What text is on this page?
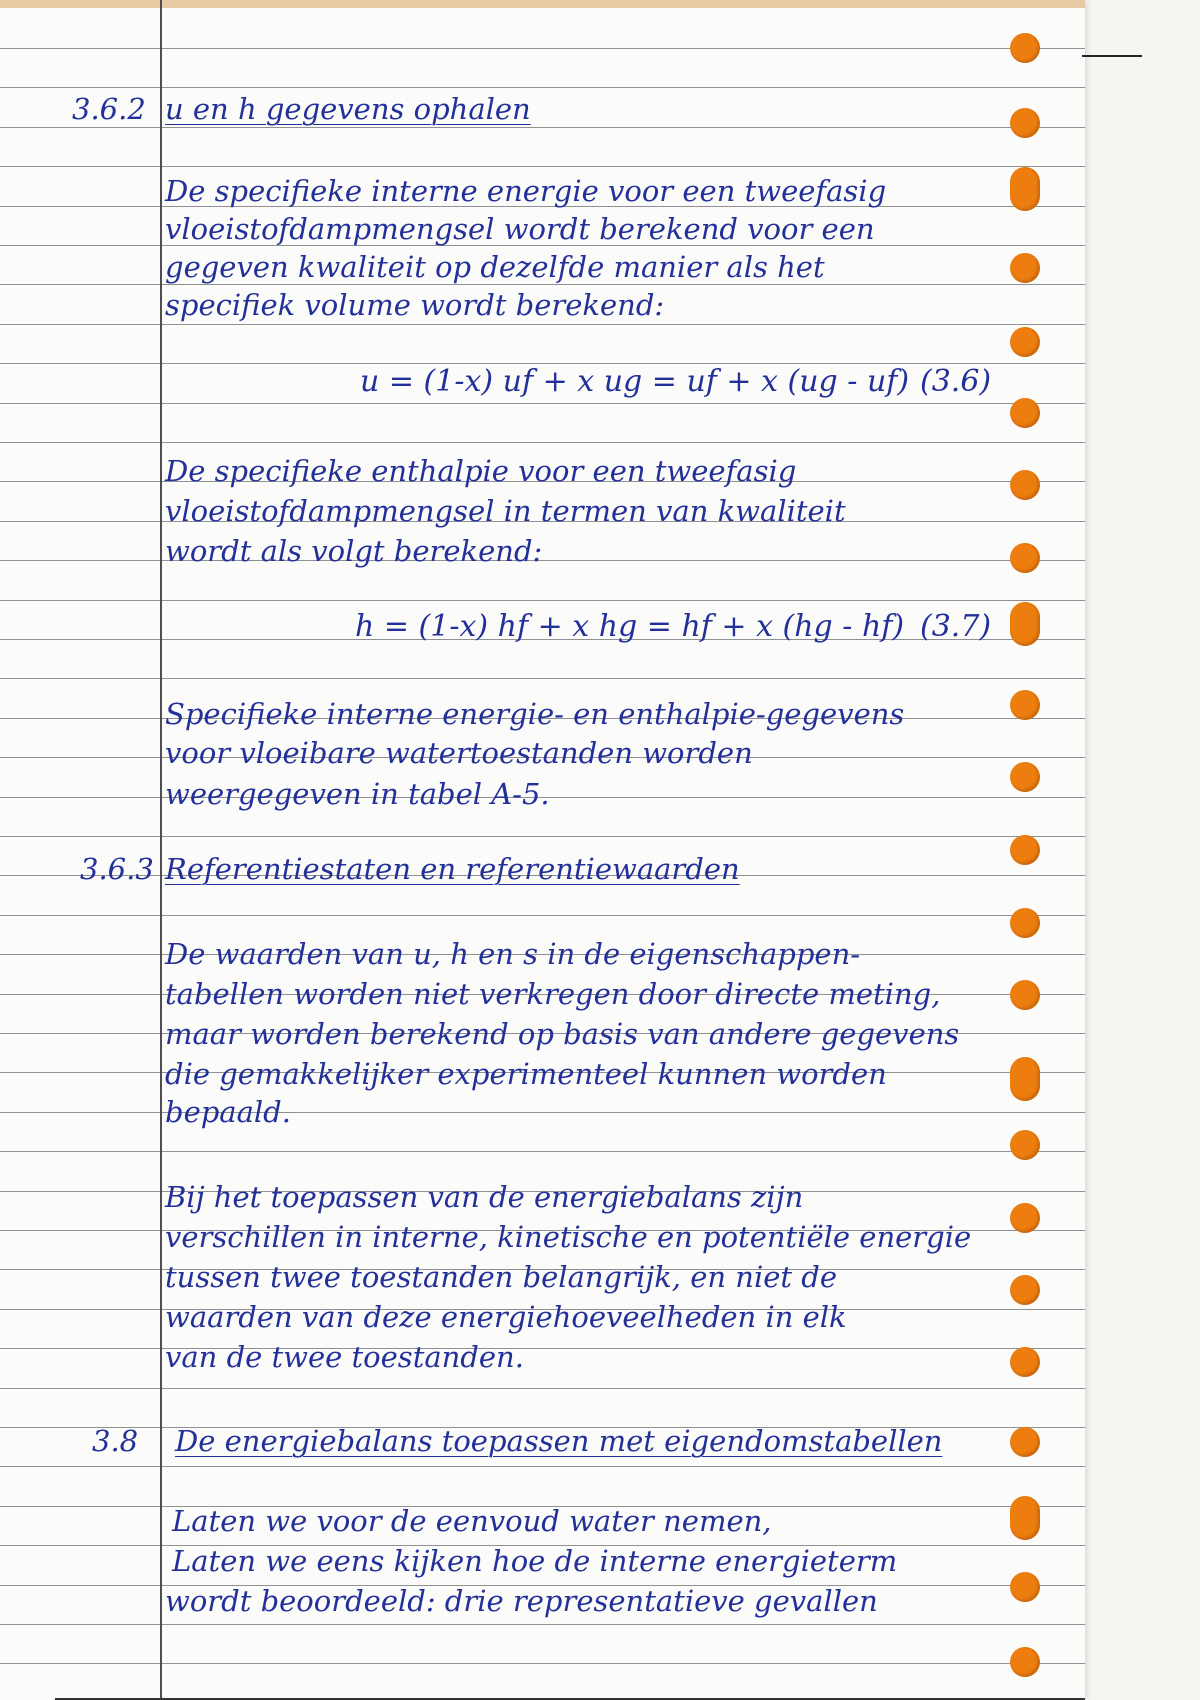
3.6.2 u en h gegevens ophalen
De specifieke interne energie voor een tweefasig
vloeistofdampmengsel wordt berekend voor een
gegeven kwaliteit op dezelfde manier als het
specifiek volume wordt berekend:
u = (1-x) uf + x ug = uf + x (ug - uf) (3.6)
De specifieke enthalpie voor een tweefasig
vloeistofdampmengsel in termen van kwaliteit
wordt als volgt berekend:
h = (1-x) hf + x hg = hf + x (hg - hf) (3.7)
Specifieke interne energie- en enthalpie-gegevens
voor vloeibare watertoestanden worden
weergegeven in tabel A-5.
3.6.3 Referentiestaten en referentiewaarden
De waarden van u, h en s in de eigenschappen-
tabellen worden niet verkregen door directe meting,
maar worden berekend op basis van andere gegevens
die gemakkelijker experimenteel kunnen worden
bepaald.
Bij het toepassen van de energiebalans zijn
verschillen in interne, kinetische en potentiële energie
tussen twee toestanden belangrijk, en niet de
waarden van deze energiehoeveelheden in elk
van de twee toestanden.
3.8 De energiebalans toepassen met eigendomstabellen
Laten we voor de eenvoud water nemen,
Laten we eens kijken hoe de interne energieterm
wordt beoordeeld: drie representatieve gevallen
